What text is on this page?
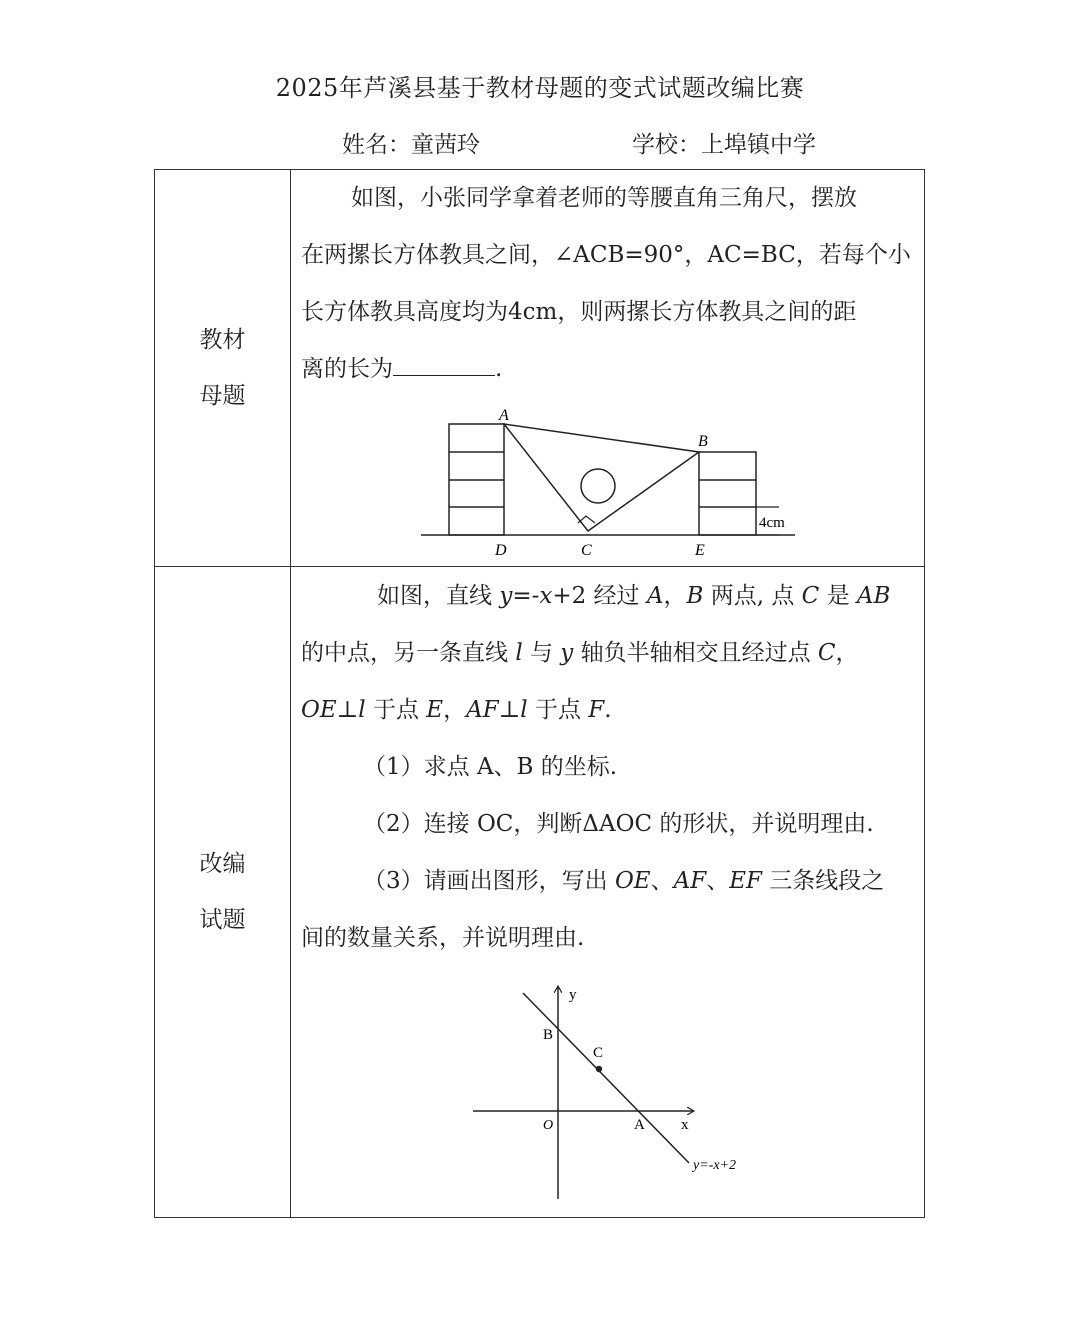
2025年芦溪县基于教材母题的变式试题改编比赛
姓名：童茜玲	学校：上埠镇中学
教材
母题

如图，小张同学拿着老师的等腰直角三角尺，摆放

在两摞长方体教具之间，∠ACB=90°，AC=BC，若每个小

长方体教具高度均为4cm，则两摞长方体教具之间的距

离的长为	.

A
B
C
D	E
4cm
改编
试题

如图，直线 y=-x+2 经过 A，B 两点, 点 C 是 AB

的中点，另一条直线 l 与 y 轴负半轴相交且经过点 C，

OE⊥l 于点 E，AF⊥l 于点 F.

（1）求点 A、B 的坐标.

（2）连接 OC，判断ΔAOC 的形状，并说明理由.

（3）请画出图形，写出 OE、AF、EF 三条线段之

间的数量关系，并说明理由.

y
x
O	A
B
C
y=-x+2
